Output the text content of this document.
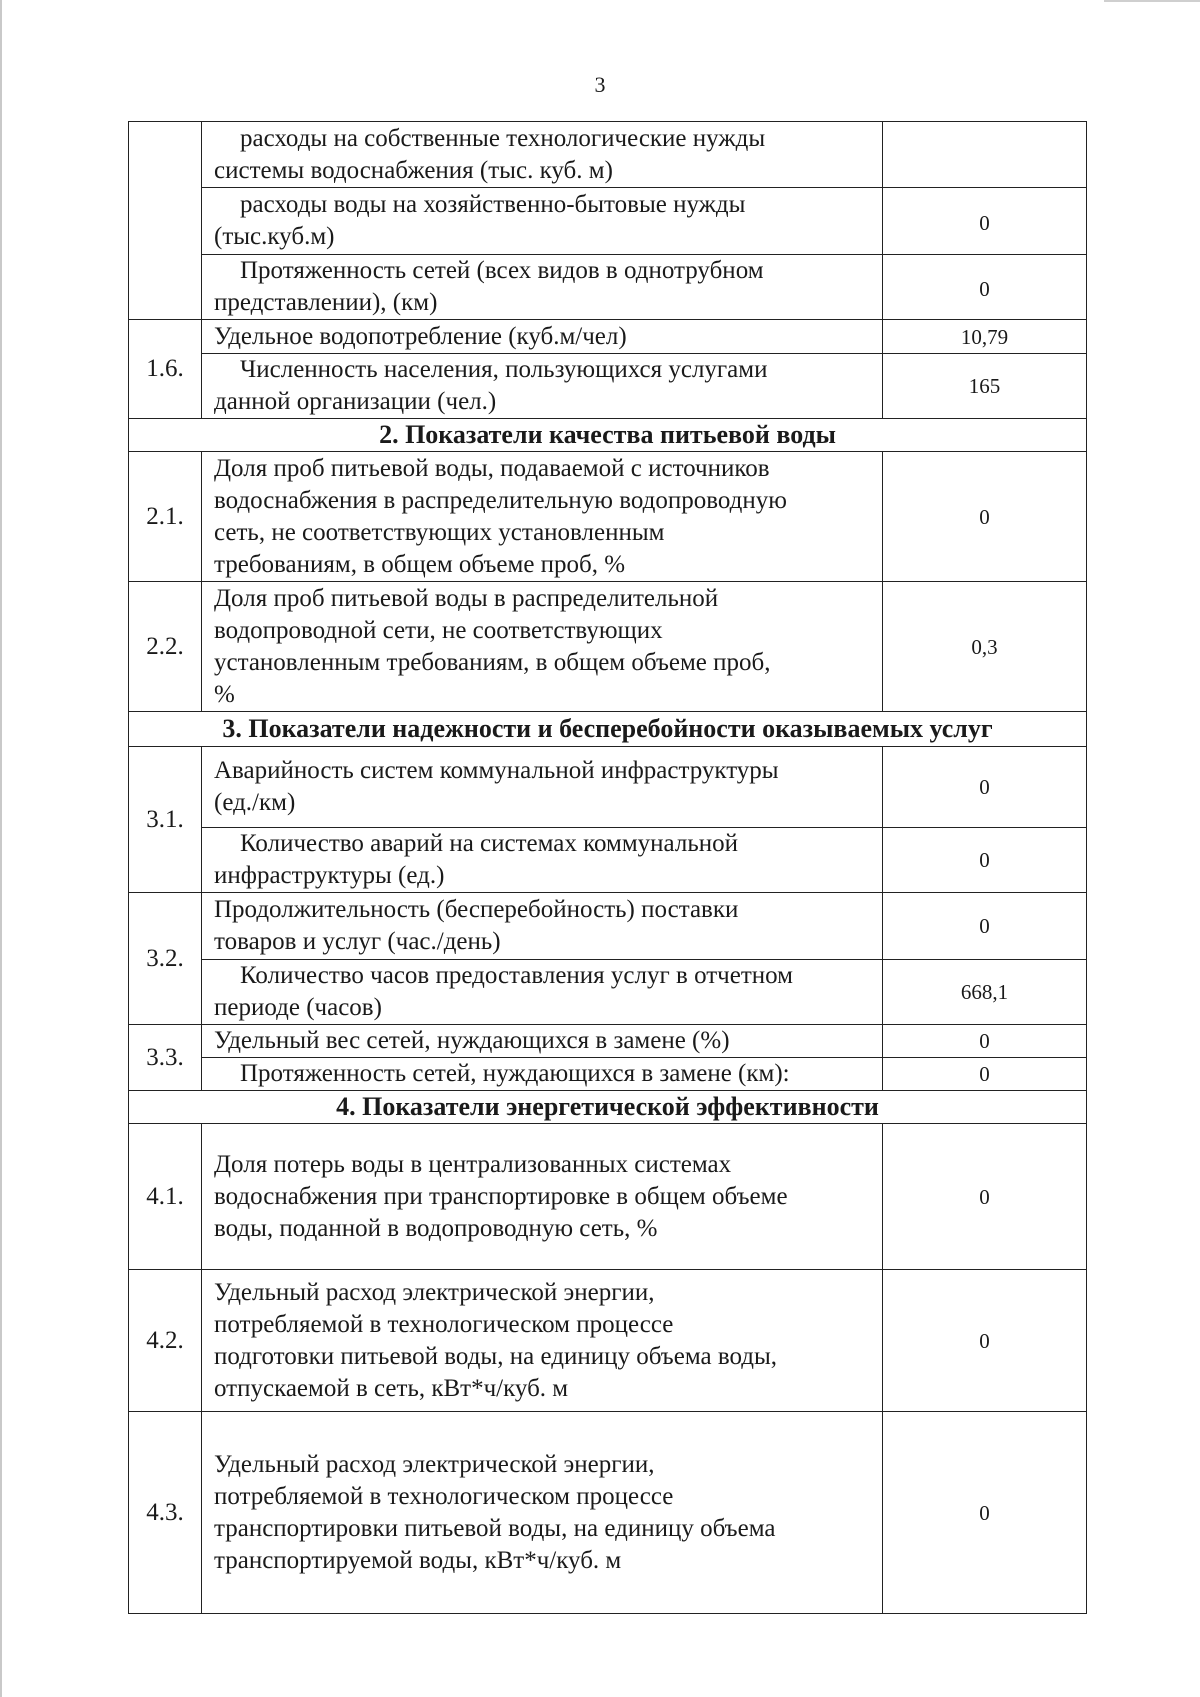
3

	расходы на собственные технологические нужды
системы водоснабжения (тыс. куб. м)	

	расходы воды на хозяйственно-бытовые нужды
(тыс.куб.м)	0

	Протяженность сетей (всех видов в однотрубном
представлении), (км)	0
1.6.	Удельное водопотребление (куб.м/чел)	10,79

	Численность населения, пользующихся услугами
данной организации (чел.)	165
2. Показатели качества питьевой воды		
2.1.	Доля проб питьевой воды, подаваемой с источников
водоснабжения в распределительную водопроводную
сеть, не соответствующих установленным
требованиям, в общем объеме проб, %	0
2.2.	Доля проб питьевой воды в распределительной
водопроводной сети, не соответствующих
установленным требованиям, в общем объеме проб,
%	0,3
3. Показатели надежности и бесперебойности оказываемых услуг		
3.1.	Аварийность систем коммунальной инфраструктуры
(ед./км)	0

	Количество аварий на системах коммунальной
инфраструктуры (ед.)	0
3.2.	Продолжительность (бесперебойность) поставки
товаров и услуг (час./день)	0

	Количество часов предоставления услуг в отчетном
периоде (часов)	668,1
3.3.	Удельный вес сетей, нуждающихся в замене (%)	0

	Протяженность сетей, нуждающихся в замене (км):	0
4. Показатели энергетической эффективности		
4.1.	Доля потерь воды в централизованных системах
водоснабжения при транспортировке в общем объеме
воды, поданной в водопроводную сеть, %	0
4.2.	Удельный расход электрической энергии,
потребляемой в технологическом процессе
подготовки питьевой воды, на единицу объема воды,
отпускаемой в сеть, кВт*ч/куб. м	0
4.3.	Удельный расход электрической энергии,
потребляемой в технологическом процессе
транспортировки питьевой воды, на единицу объема
транспортируемой воды, кВт*ч/куб. м	0
